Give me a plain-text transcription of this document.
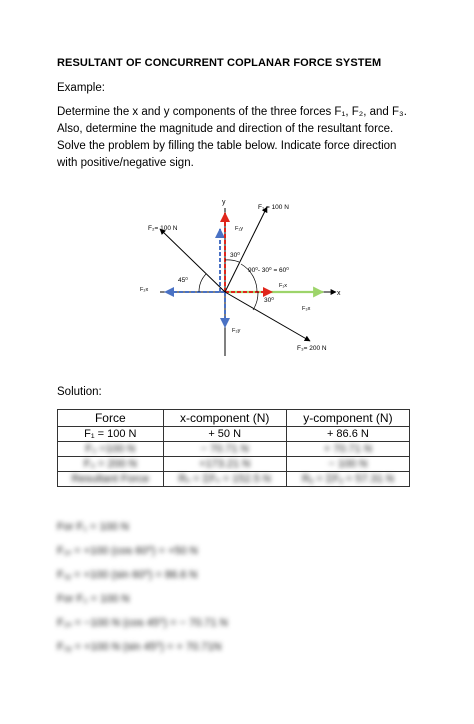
RESULTANT OF CONCURRENT COPLANAR FORCE SYSTEM
Example:

Determine the x and y components of the three forces F₁, F₂, and F₃.

Also, determine the magnitude and direction of the resultant force.

Solve the problem by filling the table below. Indicate force direction

with positive/negative sign.

y
x
F₁ = 100 N
F₂= 100 N
F₃= 200 N
F₁y
F₁x
F₂x
F₃x
F₃y
30⁰
90⁰- 30⁰ = 60⁰
45⁰
30⁰
Solution:
Force	x-component (N)	y-component (N)
F₁ = 100 N	+ 50 N	+ 86.6 N
F₂ =100 N	− 70.71 N	+ 70.71 N
F₃ = 200 N	+173.21 N	− 100 N
Resultant Force	Rₓ = ΣFₓ = 152.5 N	Rᵧ = ΣFᵧ = 57.31 N
For F₁ = 100 N
F₁ₓ = +100 (cos 60⁰) = +50 N
F₁ᵧ = +100 (sin 60⁰) = 86.6 N
For F₂ = 100 N
F₂ₓ = −100 N (cos 45⁰) = − 70.71 N
F₂ᵧ = +100 N (sin 45⁰) = + 70.71N
